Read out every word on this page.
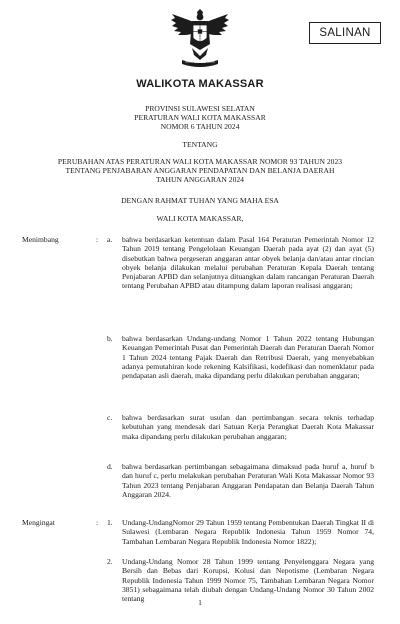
SALINAN
WALIKOTA MAKASSAR
PROVINSI SULAWESI SELATAN
PERATURAN WALI KOTA MAKASSAR
NOMOR 6 TAHUN 2024
TENTANG
PERUBAHAN ATAS PERATURAN WALI KOTA MAKASSAR NOMOR 93 TAHUN 2023
TENTANG PENJABARAN ANGGARAN PENDAPATAN DAN BELANJA DAERAH
TAHUN ANGGARAN 2024
DENGAN RAHMAT TUHAN YANG MAHA ESA
WALI KOTA MAKASSAR,
Menimbang	: a. bahwa berdasarkan ketentuan dalam Pasal 164 Peraturan Pemerintah Nomor 12 Tahun 2019 tentang Pengelolaan Keuangan Daerah pada ayat (2) dan ayat (5) disebutkan bahwa pergeseran anggaran antar obyek belanja dan/atau antar rincian obyek belanja dilakukan melalui perubahan Peraturan Kepala Daerah tentang Penjabaran APBD dan selanjutnya dituangkan dalam rancangan Peraturan Daerah tentang Perubahan APBD atau ditampung dalam laporan realisasi anggaran;
b. bahwa berdasarkan Undang-undang Nomor 1 Tahun 2022 tentang Hubungan Keuangan Pemerintah Pusat dan Pemerintah Daerah dan Peraturan Daerah Nomor 1 Tahun 2024 tentang Pajak Daerah dan Retribusi Daerah, yang menyebabkan adanya pemutahiran kode rekening Kalsifikasi, kodefikasi dan nomenklatur pada pendapatan asli daerah, maka dipandang perlu dilakukan perubahan anggaran;
c. bahwa berdasarkan surat usulan dan pertimbangan secara teknis terhadap kebutuhan yang mendesak dari Satuan Kerja Perangkat Daerah Kota Makassar maka dipandang perlu dilakukan perubahan anggaran;
d. bahwa berdasarkan pertimbangan sebagaimana dimaksud pada huruf a, huruf b dan huruf c, perlu melakukan perubahan Peraturan Wali Kota Makassar Nomor 93 Tahun 2023 tentang Penjabaran Anggaran Pendapatan dan Belanja Daerah Tahun Anggaran 2024.
Mengingat	: 1. Undang-UndangNomor 29 Tahun 1959 tentang Pembentukan Daerah Tingkat II di Sulawesi (Lembaran Negara Republik Indonesia Tahun 1959 Nomor 74, Tambahan Lembaran Negara Republik Indonesia Nomor 1822);
2. Undang-Undang Nomor 28 Tahun 1999 tentang Penyelenggara Negara yang Bersih dan Bebas dari Korupsi, Kolusi dan Nepotisme (Lembaran Negara Republik Indonesia Tahun 1999 Nomor 75, Tambahan Lembaran Negara Nomor 3851) sebagaimana telah diubah dengan Undang-Undang Nomor 30 Tahun 2002 tentang	1
